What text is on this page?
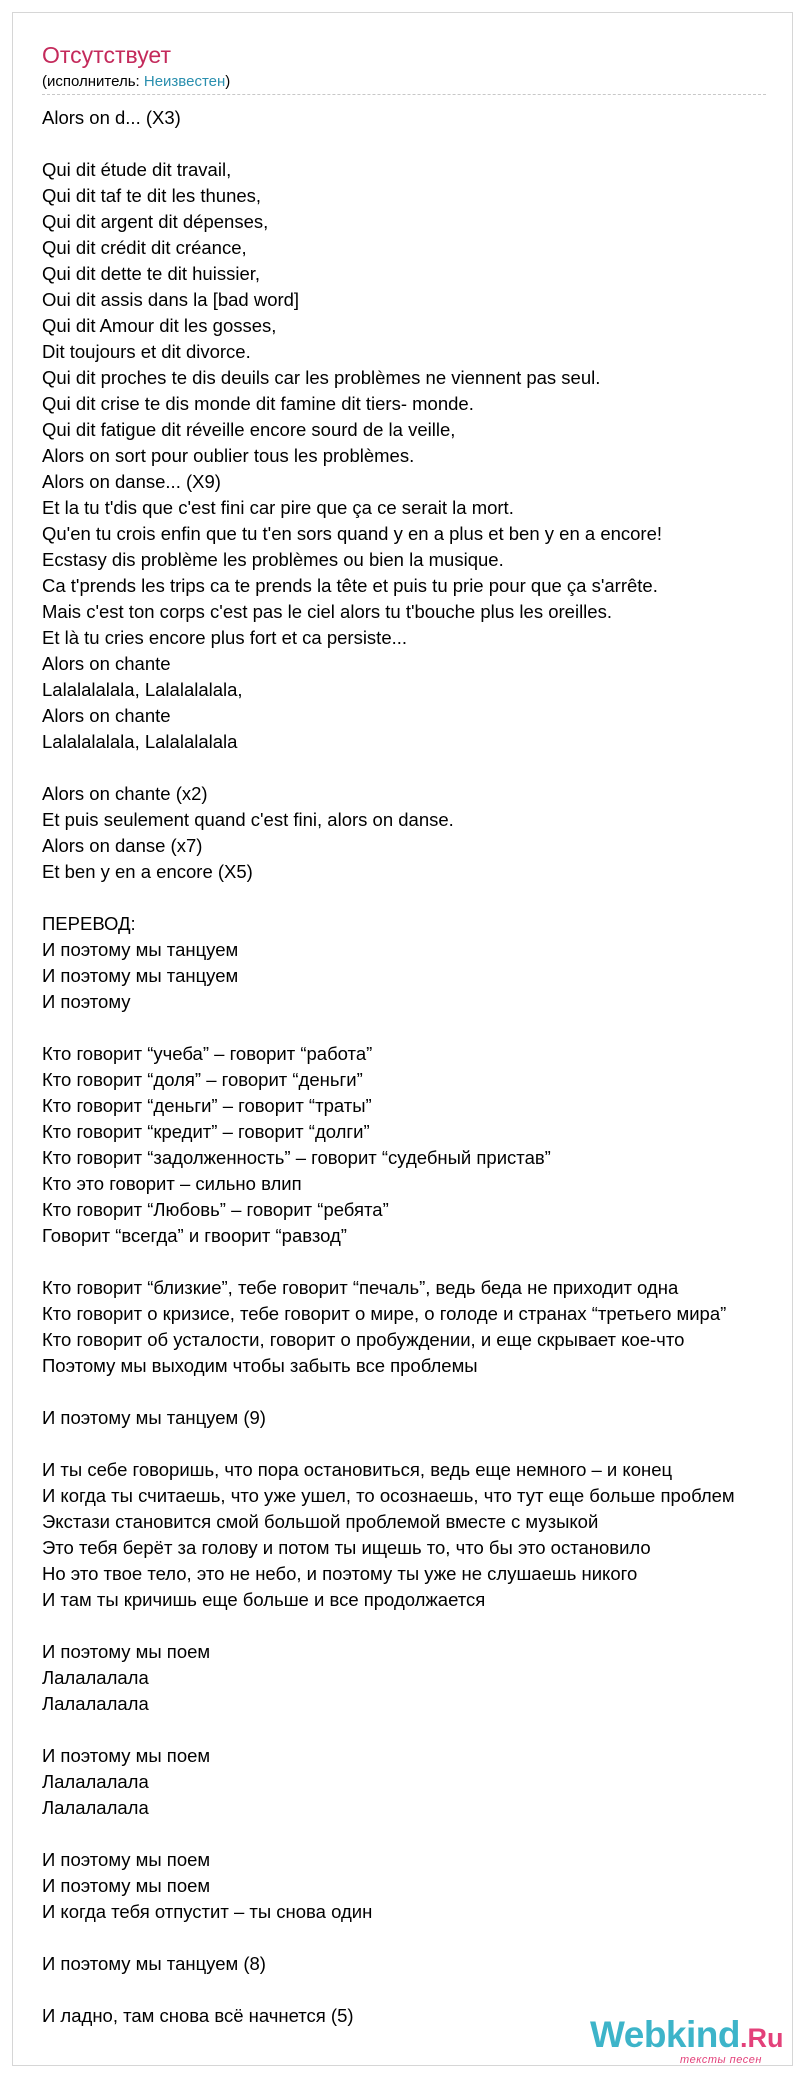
Отсутствует
(исполнитель: Неизвестен)
Alors on d... (X3)
Qui dit étude dit travail,
Qui dit taf te dit les thunes,
Qui dit argent dit dépenses,
Qui dit crédit dit créance,
Qui dit dette te dit huissier,
Oui dit assis dans la [bad word]
Qui dit Amour dit les gosses,
Dit toujours et dit divorce.
Qui dit proches te dis deuils car les problèmes ne viennent pas seul.
Qui dit crise te dis monde dit famine dit tiers- monde.
Qui dit fatigue dit réveille encore sourd de la veille,
Alors on sort pour oublier tous les problèmes.
Alors on danse... (X9)
Et la tu t'dis que c'est fini car pire que ça ce serait la mort.
Qu'en tu crois enfin que tu t'en sors quand y en a plus et ben y en a encore!
Ecstasy dis problème les problèmes ou bien la musique.
Ca t'prends les trips ca te prends la tête et puis tu prie pour que ça s'arrête.
Mais c'est ton corps c'est pas le ciel alors tu t'bouche plus les oreilles.
Et là tu cries encore plus fort et ca persiste...
Alors on chante
Lalalalalala, Lalalalalala,
Alors on chante
Lalalalalala, Lalalalalala
Alors on chante (x2)
Et puis seulement quand c'est fini, alors on danse.
Alors on danse (x7)
Et ben y en a encore (X5)
ПЕРЕВОД:
И поэтому мы танцуем
И поэтому мы танцуем
И поэтому
Кто говорит “учеба” – говорит “работа”
Кто говорит “доля” – говорит “деньги”
Кто говорит “деньги” – говорит “траты”
Кто говорит “кредит” – говорит “долги”
Кто говорит “задолженность” – говорит “судебный пристав”
Кто это говорит – сильно влип
Кто говорит “Любовь” – говорит “ребята”
Говорит “всегда” и гвоорит “равзод”
Кто говорит “близкие”, тебе говорит “печаль”, ведь беда не приходит одна
Кто говорит о кризисе, тебе говорит о мире, о голоде и странах “третьего мира”
Кто говорит об усталости, говорит о пробуждении, и еще скрывает кое-что
Поэтому мы выходим чтобы забыть все проблемы
И поэтому мы танцуем (9)
И ты себе говоришь, что пора остановиться, ведь еще немного – и конец
И когда ты считаешь, что уже ушел, то осознаешь, что тут еще больше проблем
Экстази становится смой большой проблемой вместе с музыкой
Это тебя берёт за голову и потом ты ищешь то, что бы это остановило
Но это твое тело, это не небо, и поэтому ты уже не слушаешь никого
И там ты кричишь еще больше и все продолжается
И поэтому мы поем
Лалалалала
Лалалалала
И поэтому мы поем
Лалалалала
Лалалалала
И поэтому мы поем
И поэтому мы поем
И когда тебя отпустит – ты снова один
И поэтому мы танцуем (8)
И ладно, там снова всё начнется (5)	Webkind.Ru
тексты песен
